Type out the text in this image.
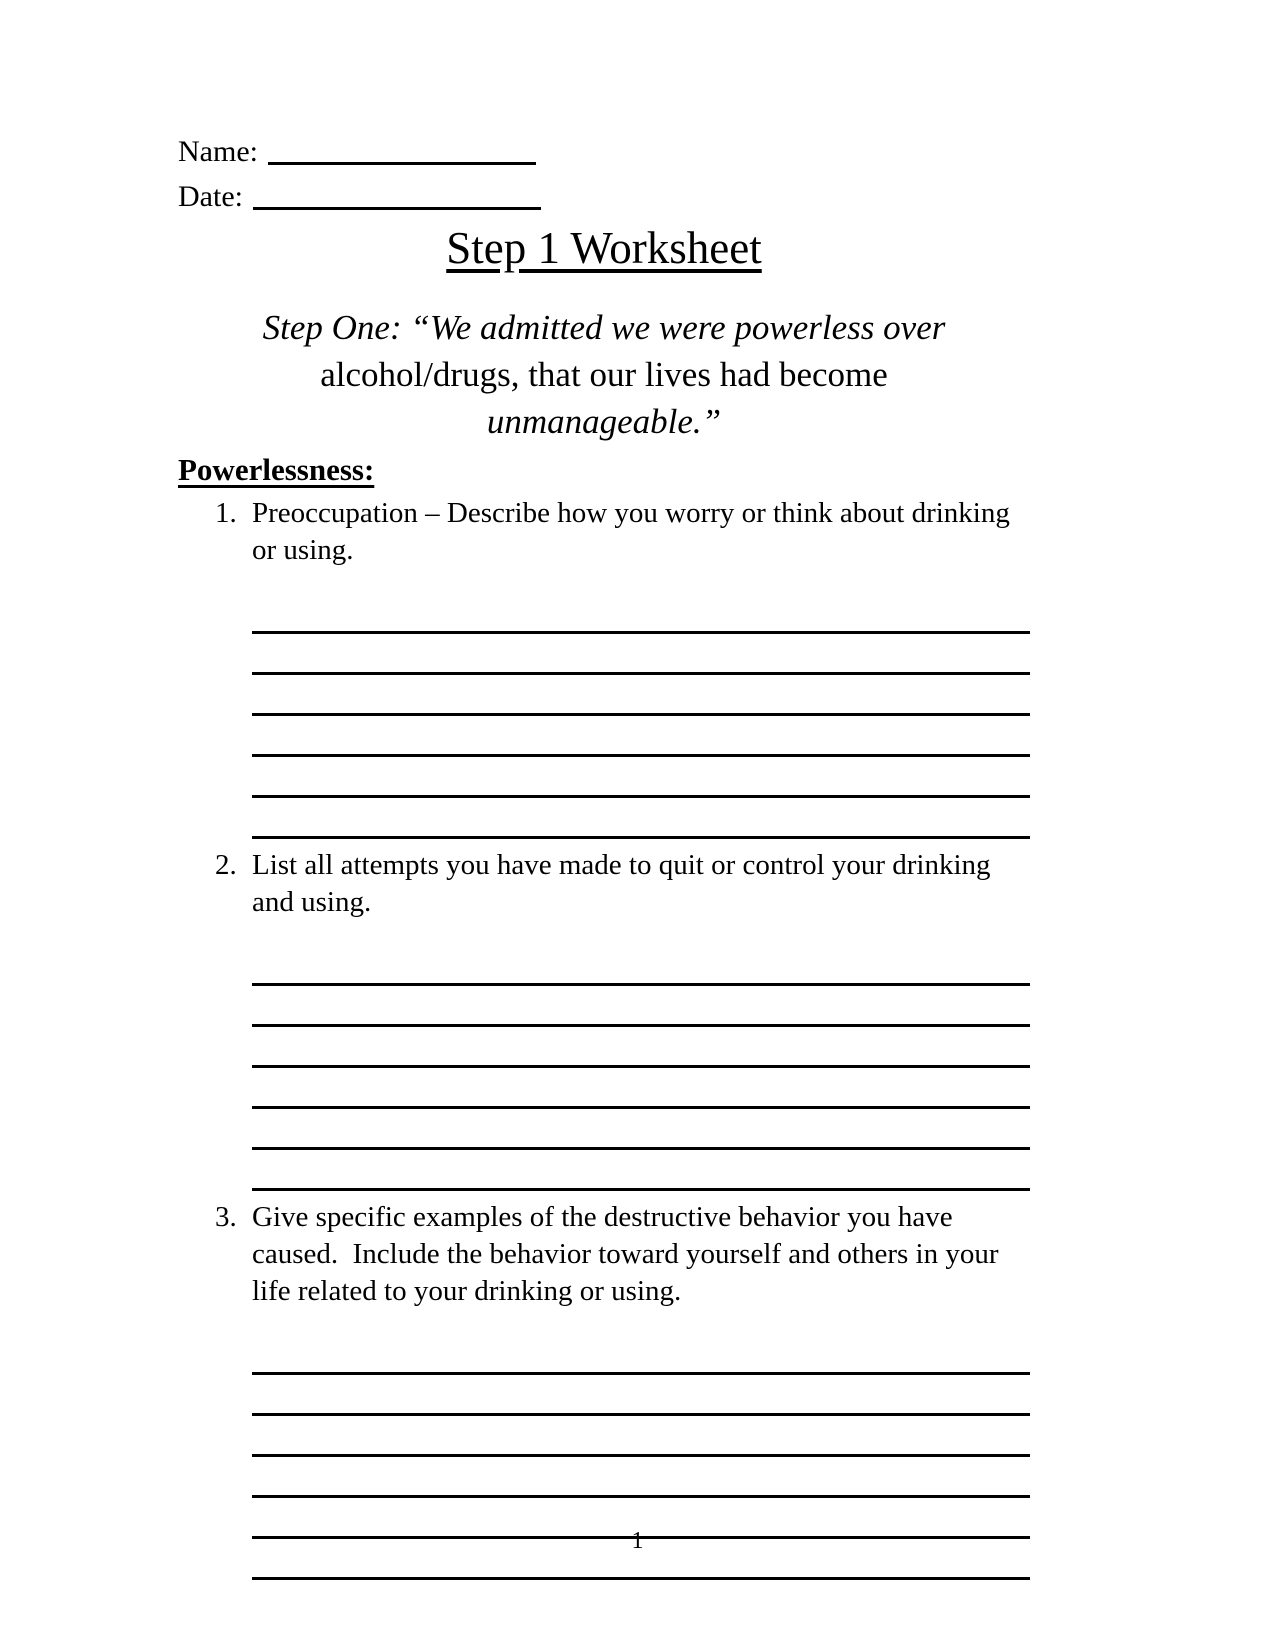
Name:
Date:
Step 1 Worksheet
Step One: “We admitted we were powerless over
alcohol/drugs, that our lives had become
unmanageable.”
Powerlessness:
1. Preoccupation – Describe how you worry or think about drinking or using.
2. List all attempts you have made to quit or control your drinking and using.
3. Give specific examples of the destructive behavior you have caused.  Include the behavior toward yourself and others in your life related to your drinking or using.
1
